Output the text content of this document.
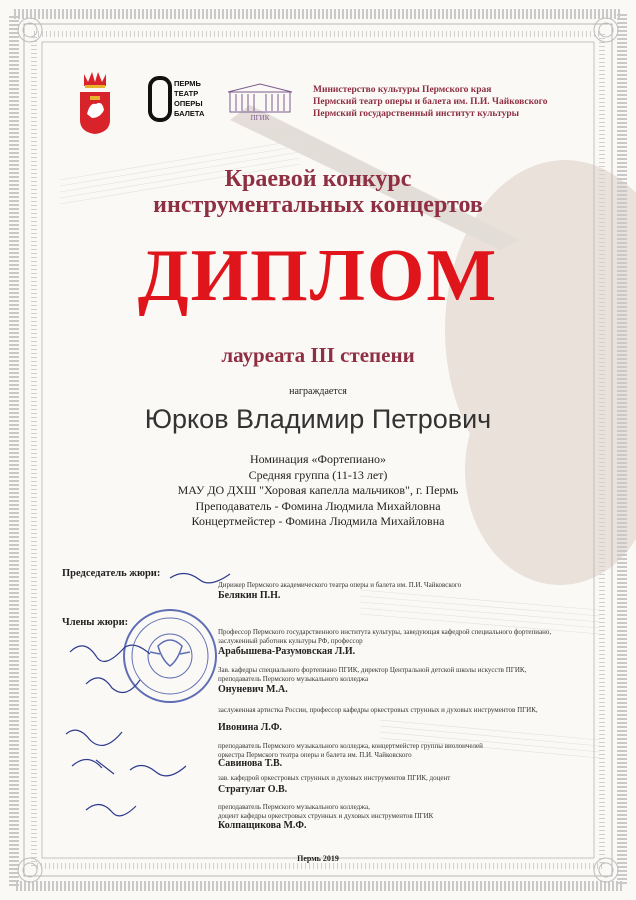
ПЕРМЬ
ТЕАТР
ОПЕРЫ
БАЛЕТА	ПГИК
Министерство культуры Пермского края
Пермский театр оперы и балета им. П.И. Чайковского
Пермский государственный институт культуры
Краевой конкурс
инструментальных концертов
ДИПЛОМ
лауреата III степени
награждается
Юрков Владимир Петрович
Номинация «Фортепиано»
Средняя группа (11-13 лет)
МАУ ДО ДХШ "Хоровая капелла мальчиков", г. Пермь
Преподаватель - Фомина Людмила Михайловна
Концертмейстер - Фомина Людмила Михайловна
Председатель жюри:
Дирижер Пермского академического театра оперы и балета им. П.И. Чайковского
Белякин П.Н.
Члены жюри:
Профессор Пермского государственного института культуры, заведующая кафедрой специального фортепиано,
заслуженный работник культуры РФ, профессор
Арабышева-Разумовская Л.И.
Зав. кафедры специального фортепиано ПГИК, директор Центральной детской школы искусств ПГИК,
преподаватель Пермского музыкального колледжа
Онуневич М.А.
заслуженная артистка России, профессор кафедры оркестровых струнных и духовых инструментов ПГИК,
Ивонина Л.Ф.
преподаватель Пермского музыкального колледжа, концертмейстер группы виолончелей
оркестра Пермского театра оперы и балета им. П.И. Чайковского
Савинова Т.В.
зав. кафедрой оркестровых струнных и духовых инструментов ПГИК, доцент
Стратулат О.В.
преподаватель Пермского музыкального колледжа,
доцент кафедры оркестровых струнных и духовых инструментов ПГИК
Колпащикова М.Ф.
Пермь 2019
